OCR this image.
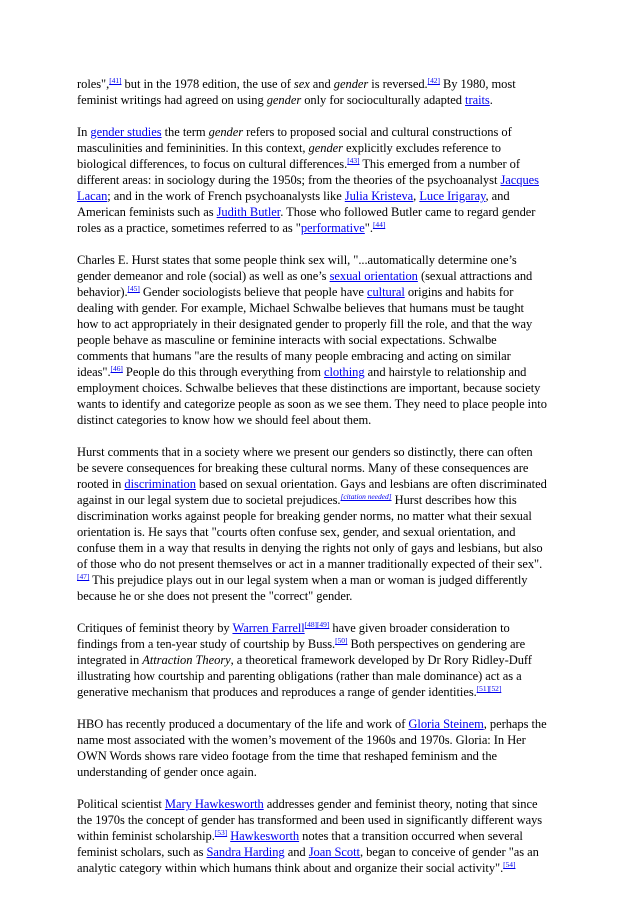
roles",[41] but in the 1978 edition, the use of sex and gender is reversed.[42] By 1980, most feminist writings had agreed on using gender only for socioculturally adapted traits.

In gender studies the term gender refers to proposed social and cultural constructions of masculinities and femininities. In this context, gender explicitly excludes reference to biological differences, to focus on cultural differences.[43] This emerged from a number of different areas: in sociology during the 1950s; from the theories of the psychoanalyst Jacques Lacan; and in the work of French psychoanalysts like Julia Kristeva, Luce Irigaray, and American feminists such as Judith Butler. Those who followed Butler came to regard gender roles as a practice, sometimes referred to as "performative".[44]

Charles E. Hurst states that some people think sex will, "...automatically determine one’s gender demeanor and role (social) as well as one’s sexual orientation (sexual attractions and behavior).[45] Gender sociologists believe that people have cultural origins and habits for dealing with gender. For example, Michael Schwalbe believes that humans must be taught how to act appropriately in their designated gender to properly fill the role, and that the way people behave as masculine or feminine interacts with social expectations. Schwalbe comments that humans "are the results of many people embracing and acting on similar ideas".[46] People do this through everything from clothing and hairstyle to relationship and employment choices. Schwalbe believes that these distinctions are important, because society wants to identify and categorize people as soon as we see them. They need to place people into distinct categories to know how we should feel about them.

Hurst comments that in a society where we present our genders so distinctly, there can often be severe consequences for breaking these cultural norms. Many of these consequences are rooted in discrimination based on sexual orientation. Gays and lesbians are often discriminated against in our legal system due to societal prejudices.[citation needed] Hurst describes how this discrimination works against people for breaking gender norms, no matter what their sexual orientation is. He says that "courts often confuse sex, gender, and sexual orientation, and confuse them in a way that results in denying the rights not only of gays and lesbians, but also of those who do not present themselves or act in a manner traditionally expected of their sex".[47] This prejudice plays out in our legal system when a man or woman is judged differently because he or she does not present the "correct" gender.

Critiques of feminist theory by Warren Farrell[48][49] have given broader consideration to findings from a ten-year study of courtship by Buss.[50] Both perspectives on gendering are integrated in Attraction Theory, a theoretical framework developed by Dr Rory Ridley-Duff illustrating how courtship and parenting obligations (rather than male dominance) act as a generative mechanism that produces and reproduces a range of gender identities.[51][52]

HBO has recently produced a documentary of the life and work of Gloria Steinem, perhaps the name most associated with the women’s movement of the 1960s and 1970s. Gloria: In Her OWN Words shows rare video footage from the time that reshaped feminism and the understanding of gender once again.

Political scientist Mary Hawkesworth addresses gender and feminist theory, noting that since the 1970s the concept of gender has transformed and been used in significantly different ways within feminist scholarship.[53] Hawkesworth notes that a transition occurred when several feminist scholars, such as Sandra Harding and Joan Scott, began to conceive of gender "as an analytic category within which humans think about and organize their social activity".[54]
